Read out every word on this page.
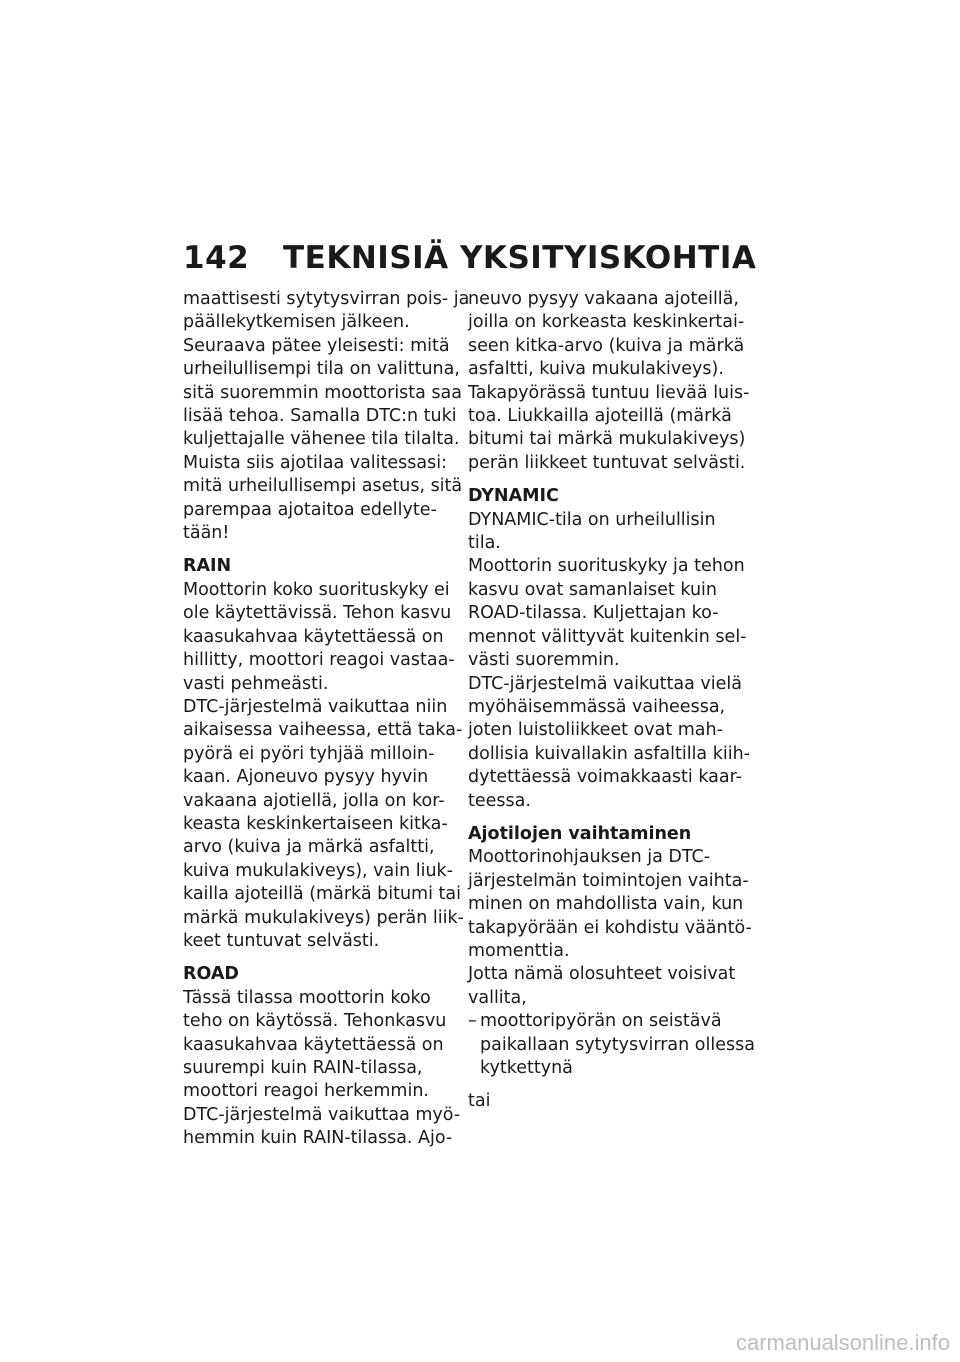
142 TEKNISIÄ YKSITYISKOHTIA
maattisesti sytytysvirran pois- ja
päällekytkemisen jälkeen.
Seuraava pätee yleisesti: mitä
urheilullisempi tila on valittuna,
sitä suoremmin moottorista saa
lisää tehoa. Samalla DTC:n tuki
kuljettajalle vähenee tila tilalta.
Muista siis ajotilaa valitessasi:
mitä urheilullisempi asetus, sitä
parempaa ajotaitoa edellyte-
tään!
RAIN
Moottorin koko suorituskyky ei
ole käytettävissä. Tehon kasvu
kaasukahvaa käytettäessä on
hillitty, moottori reagoi vastaa-
vasti pehmeästi.
DTC-järjestelmä vaikuttaa niin
aikaisessa vaiheessa, että taka-
pyörä ei pyöri tyhjää milloin-
kaan. Ajoneuvo pysyy hyvin
vakaana ajotiellä, jolla on kor-
keasta keskinkertaiseen kitka-
arvo (kuiva ja märkä asfaltti,
kuiva mukulakiveys), vain liuk-
kailla ajoteillä (märkä bitumi tai
märkä mukulakiveys) perän liik-
keet tuntuvat selvästi.
ROAD
Tässä tilassa moottorin koko
teho on käytössä. Tehonkasvu
kaasukahvaa käytettäessä on
suurempi kuin RAIN-tilassa,
moottori reagoi herkemmin.
DTC-järjestelmä vaikuttaa myö-
hemmin kuin RAIN-tilassa. Ajo-
neuvo pysyy vakaana ajoteillä,
joilla on korkeasta keskinkertai-
seen kitka-arvo (kuiva ja märkä
asfaltti, kuiva mukulakiveys).
Takapyörässä tuntuu lievää luis-
toa. Liukkailla ajoteillä (märkä
bitumi tai märkä mukulakiveys)
perän liikkeet tuntuvat selvästi.
DYNAMIC
DYNAMIC-tila on urheilullisin
tila.
Moottorin suorituskyky ja tehon
kasvu ovat samanlaiset kuin
ROAD-tilassa. Kuljettajan ko-
mennot välittyvät kuitenkin sel-
västi suoremmin.
DTC-järjestelmä vaikuttaa vielä
myöhäisemmässä vaiheessa,
joten luistoliikkeet ovat mah-
dollisia kuivallakin asfaltilla kiih-
dytettäessä voimakkaasti kaar-
teessa.
Ajotilojen vaihtaminen
Moottorinohjauksen ja DTC-
järjestelmän toimintojen vaihta-
minen on mahdollista vain, kun
takapyörään ei kohdistu vääntö-
momenttia.
Jotta nämä olosuhteet voisivat
vallita,
– moottoripyörän on seistävä
paikallaan sytytysvirran ollessa
kytkettynä
tai
carmanualsonline.info
